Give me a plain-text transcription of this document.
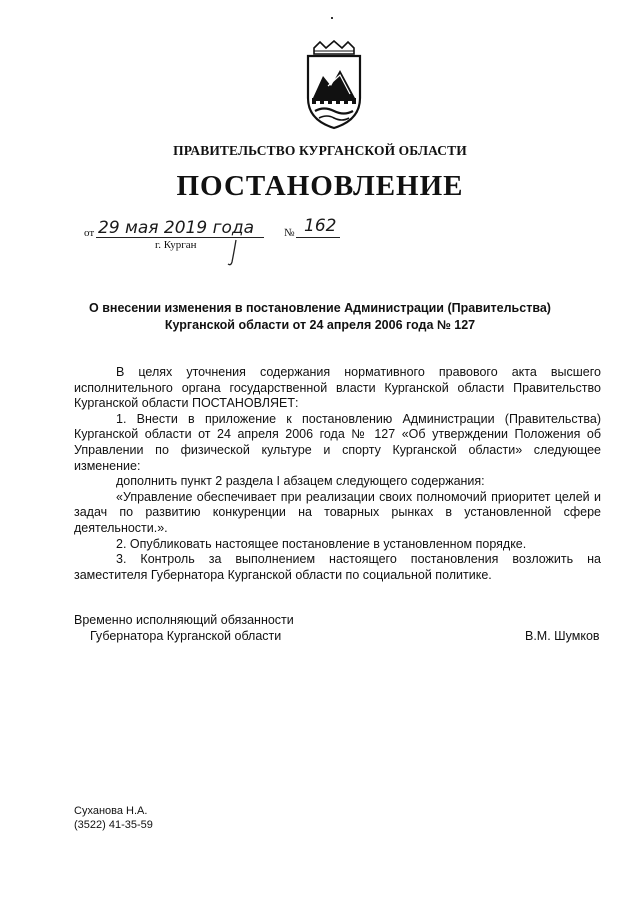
ПРАВИТЕЛЬСТВО КУРГАНСКОЙ ОБЛАСТИ
ПОСТАНОВЛЕНИЕ
от 29 мая 2019 года	№ 162
г. Курган
О внесении изменения в постановление Администрации (Правительства)
Курганской области от 24 апреля 2006 года № 127

В целях уточнения содержания нормативного правового акта высшего исполнительного органа государственной власти Курганской области Правительство Курганской области ПОСТАНОВЛЯЕТ:

1. Внести в приложение к постановлению Администрации (Правительства) Курганской области от 24 апреля 2006 года № 127 «Об утверждении Положения об Управлении по физической культуре и спорту Курганской области» следующее изменение:

дополнить пункт 2 раздела I абзацем следующего содержания:

«Управление обеспечивает при реализации своих полномочий приоритет целей и задач по развитию конкуренции на товарных рынках в установленной сфере деятельности.».

2. Опубликовать настоящее постановление в установленном порядке.

3. Контроль за выполнением настоящего постановления возложить на заместителя Губернатора Курганской области по социальной политике.

Временно исполняющий обязанности
Губернатора Курганской области	В.М. Шумков
Суханова Н.А.
(3522) 41-35-59
